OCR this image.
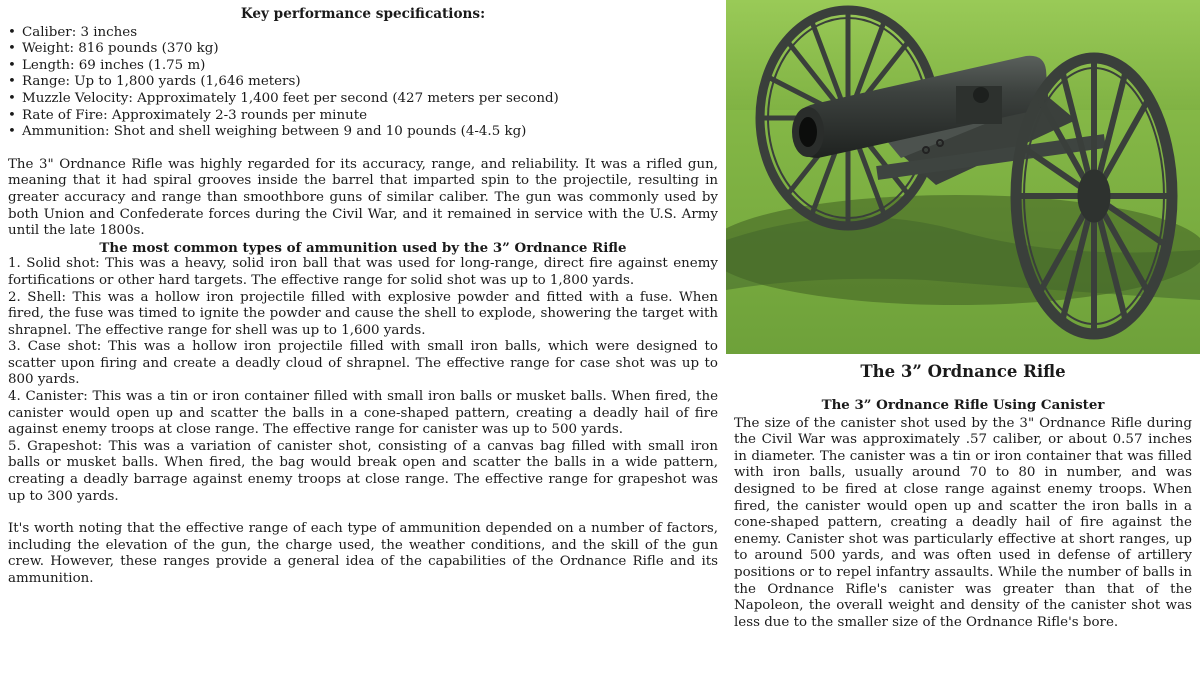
Key performance specifications:
• Caliber: 3 inches
• Weight: 816 pounds (370 kg)
• Length: 69 inches (1.75 m)
• Range: Up to 1,800 yards (1,646 meters)
• Muzzle Velocity: Approximately 1,400 feet per second (427 meters per second)
• Rate of Fire: Approximately 2-3 rounds per minute
• Ammunition: Shot and shell weighing between 9 and 10 pounds (4-4.5 kg)

The 3" Ordnance Rifle was highly regarded for its accuracy, range, and reliability. It was a rifled gun, meaning that it had spiral grooves inside the barrel that imparted spin to the projectile, resulting in greater accuracy and range than smoothbore guns of similar caliber. The gun was commonly used by both Union and Confederate forces during the Civil War, and it remained in service with the U.S. Army until the late 1800s.

The most common types of ammunition used by the 3” Ordnance Rifle

1. Solid shot: This was a heavy, solid iron ball that was used for long-range, direct fire against enemy fortifications or other hard targets. The effective range for solid shot was up to 1,800 yards.

2. Shell: This was a hollow iron projectile filled with explosive powder and fitted with a fuse. When fired, the fuse was timed to ignite the powder and cause the shell to explode, showering the target with shrapnel. The effective range for shell was up to 1,600 yards.

3. Case shot: This was a hollow iron projectile filled with small iron balls, which were designed to scatter upon firing and create a deadly cloud of shrapnel. The effective range for case shot was up to 800 yards.

4. Canister: This was a tin or iron container filled with small iron balls or musket balls. When fired, the canister would open up and scatter the balls in a cone-shaped pattern, creating a deadly hail of fire against enemy troops at close range. The effective range for canister was up to 500 yards.

5. Grapeshot: This was a variation of canister shot, consisting of a canvas bag filled with small iron balls or musket balls. When fired, the bag would break open and scatter the balls in a wide pattern, creating a deadly barrage against enemy troops at close range. The effective range for grapeshot was up to 300 yards.

It's worth noting that the effective range of each type of ammunition depended on a number of factors, including the elevation of the gun, the charge used, the weather conditions, and the skill of the gun crew. However, these ranges provide a general idea of the capabilities of the Ordnance Rifle and its ammunition.

The 3” Ordnance Rifle
The 3” Ordnance Rifle Using Canister

The size of the canister shot used by the 3" Ordnance Rifle during the Civil War was approximately .57 caliber, or about 0.57 inches in diameter. The canister was a tin or iron container that was filled with iron balls, usually around 70 to 80 in number, and was designed to be fired at close range against enemy troops. When fired, the canister would open up and scatter the iron balls in a cone-shaped pattern, creating a deadly hail of fire against the enemy. Canister shot was particularly effective at short ranges, up to around 500 yards, and was often used in defense of artillery positions or to repel infantry assaults. While the number of balls in the Ordnance Rifle's canister was greater than that of the Napoleon, the overall weight and density of the canister shot was less due to the smaller size of the Ordnance Rifle's bore.
